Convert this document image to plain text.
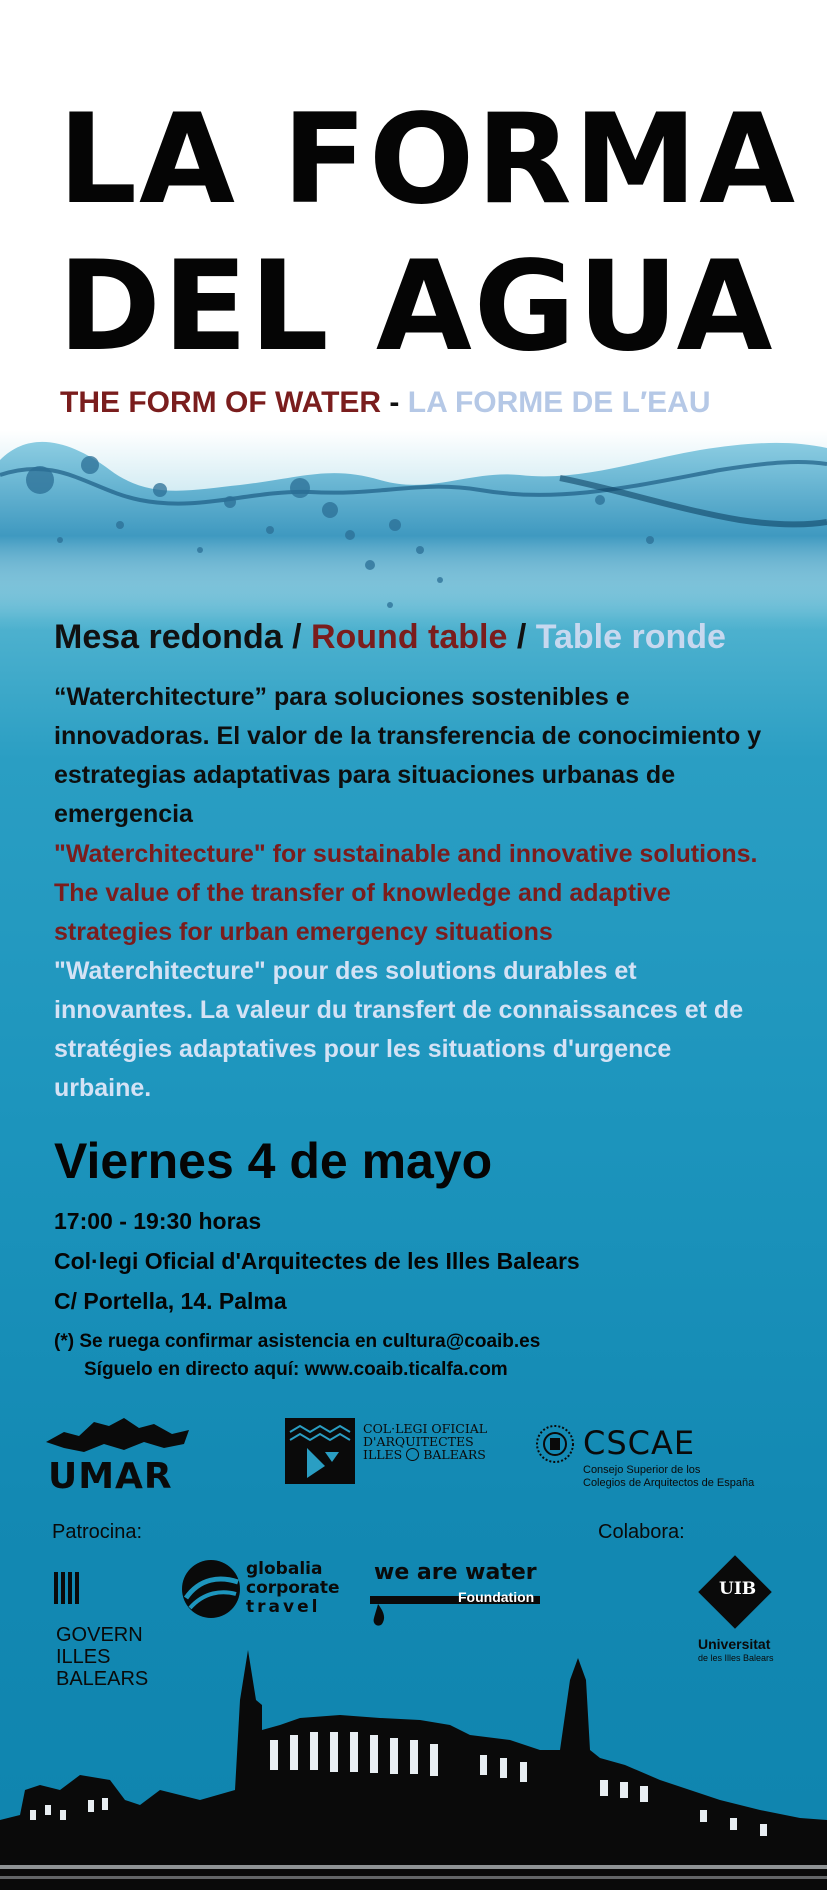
LA FORMA
DEL AGUA
THE FORM OF WATER - LA FORME DE L′EAU
Mesa redonda / Round table / Table ronde

“Waterchitecture” para soluciones sostenibles e innovadoras. El valor de la transferencia de conocimiento y estrategias adaptativas para situaciones urbanas de emergencia

"Waterchitecture" for sustainable and innovative solutions. The value of the transfer of knowledge and adaptive strategies for urban emergency situations

"Waterchitecture" pour des solutions durables et innovantes. La valeur du transfert de connaissances et de stratégies adaptatives pour les situations d'urgence urbaine.

Viernes 4 de mayo
17:00 - 19:30 horas
Col·legi Oficial d'Arquitectes de les Illes Balears
C/ Portella, 14. Palma
(*) Se ruega confirmar asistencia en cultura@coaib.es
Síguelo en directo aquí: www.coaib.ticalfa.com
UMAR
COL·LEGI OFICIAL
D'ARQUITECTES
ILLES BALEARS	CSCAE
Consejo Superior de los
Colegios de Arquitectos de España
Patrocina:	Colabora:
GOVERN
ILLES
BALEARS
globalia
corporate
travel
we are water
Foundation	UIB
Universitat
de les Illes Balears
